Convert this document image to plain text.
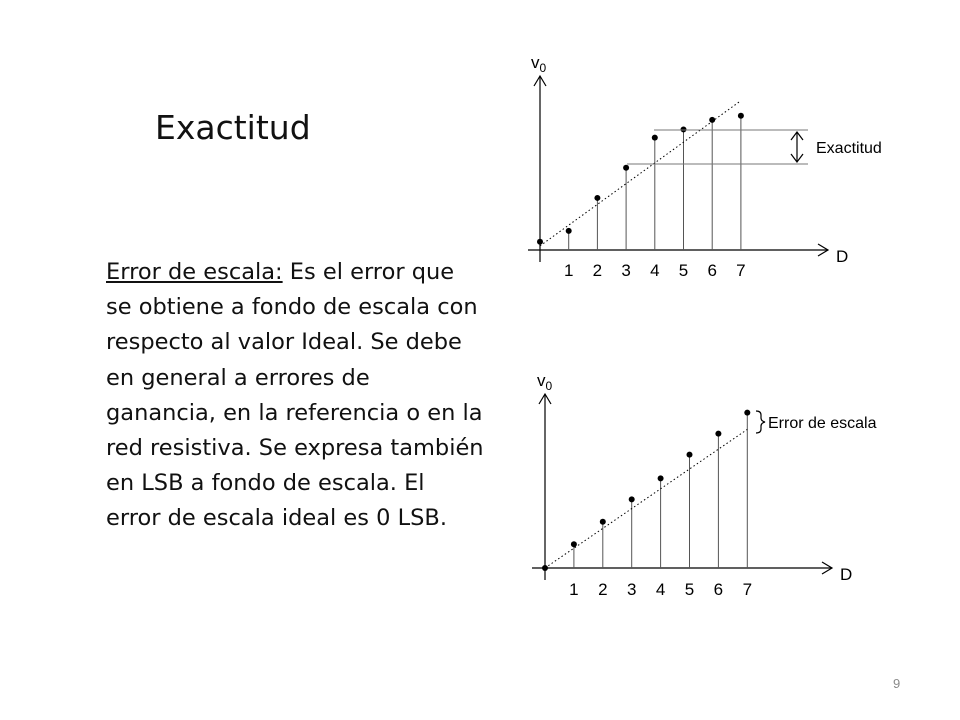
Exactitud
Error de escala: Es el error que se obtiene a fondo de escala con respecto al valor Ideal. Se debe en general a errores de ganancia, en la referencia o en la red resistiva. Se expresa también en LSB a fondo de escala. El error de escala ideal es 0 LSB.
9
$v_0$
D
1 2 3 4 5 6 7
Exactitud
$v_0$
D
1 2 3 4 5 6 7
Error de escala
